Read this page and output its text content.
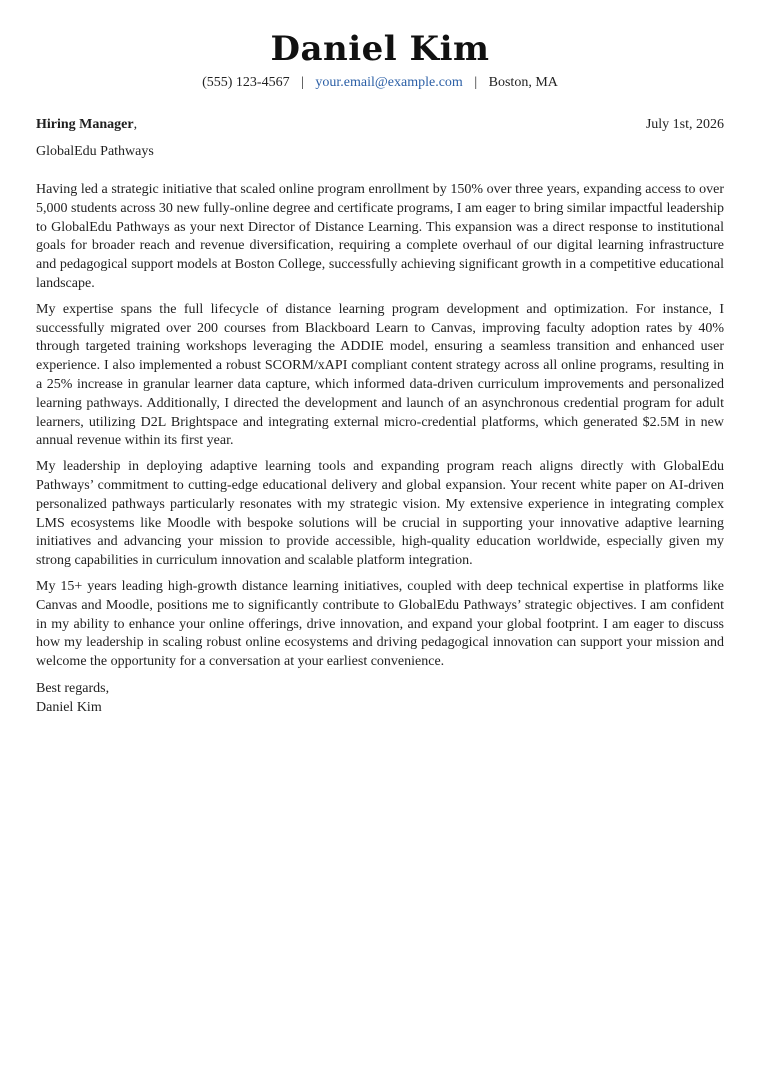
Daniel Kim
(555) 123-4567 | your.email@example.com | Boston, MA
Hiring Manager,	July 1st, 2026
GlobalEdu Pathways

Having led a strategic initiative that scaled online program enrollment by 150% over three years, expanding access to over 5,000 students across 30 new fully-online degree and certificate programs, I am eager to bring similar impactful leadership to GlobalEdu Pathways as your next Director of Distance Learning. This expansion was a direct response to institutional goals for broader reach and revenue diversification, requiring a complete overhaul of our digital learning infrastructure and pedagogical support models at Boston College, successfully achieving significant growth in a competitive educational landscape.

My expertise spans the full lifecycle of distance learning program development and optimization. For instance, I successfully migrated over 200 courses from Blackboard Learn to Canvas, improving faculty adoption rates by 40% through targeted training workshops leveraging the ADDIE model, ensuring a seamless transition and enhanced user experience. I also implemented a robust SCORM/xAPI compliant content strategy across all online programs, resulting in a 25% increase in granular learner data capture, which informed data-driven curriculum improvements and personalized learning pathways. Additionally, I directed the development and launch of an asynchronous credential program for adult learners, utilizing D2L Brightspace and integrating external micro-credential platforms, which generated $2.5M in new annual revenue within its first year.

My leadership in deploying adaptive learning tools and expanding program reach aligns directly with GlobalEdu Pathways’ commitment to cutting-edge educational delivery and global expansion. Your recent white paper on AI-driven personalized pathways particularly resonates with my strategic vision. My extensive experience in integrating complex LMS ecosystems like Moodle with bespoke solutions will be crucial in supporting your innovative adaptive learning initiatives and advancing your mission to provide accessible, high-quality education worldwide, especially given my strong capabilities in curriculum innovation and scalable platform integration.

My 15+ years leading high-growth distance learning initiatives, coupled with deep technical expertise in platforms like Canvas and Moodle, positions me to significantly contribute to GlobalEdu Pathways’ strategic objectives. I am confident in my ability to enhance your online offerings, drive innovation, and expand your global footprint. I am eager to discuss how my leadership in scaling robust online ecosystems and driving pedagogical innovation can support your mission and welcome the opportunity for a conversation at your earliest convenience.

Best regards,
Daniel Kim
